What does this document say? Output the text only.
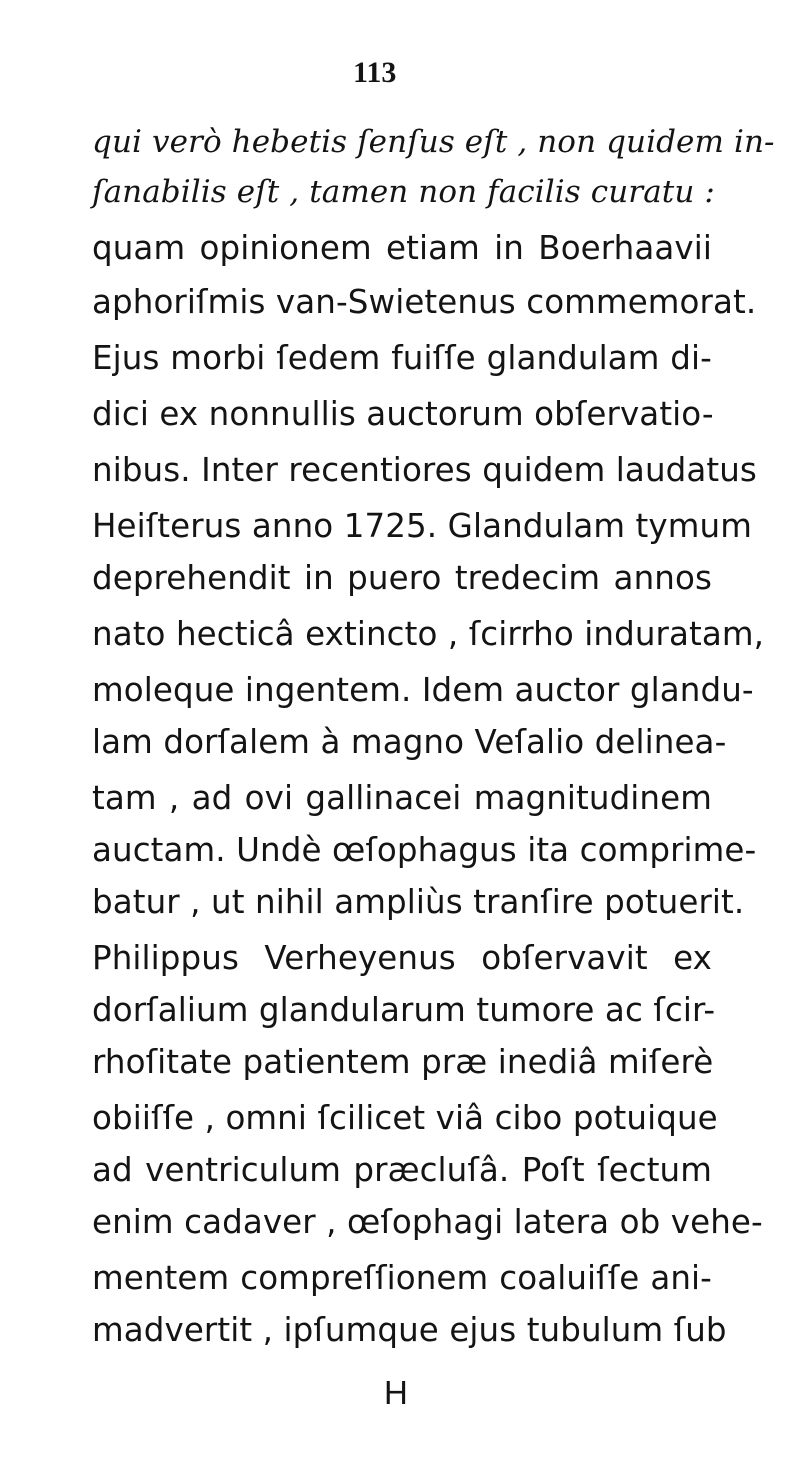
113
qui verò hebetis ſenſus eſt , non quidem in-
ſanabilis eſt , tamen non facilis curatu :
quam opinionem etiam in Boerhaavii
aphoriſmis van-Swietenus commemorat.
Ejus morbi ſedem fuiſſe glandulam di-
dici ex nonnullis auctorum obſervatio-
nibus. Inter recentiores quidem laudatus
Heiſterus anno 1725. Glandulam tymum
deprehendit in puero tredecim annos
nato hecticâ extincto , ſcirrho induratam,
moleque ingentem. Idem auctor glandu-
lam dorſalem à magno Veſalio delinea-
tam , ad ovi gallinacei magnitudinem
auctam. Undè œſophagus ita comprime-
batur , ut nihil ampliùs tranſire potuerit.
Philippus Verheyenus obſervavit ex
dorſalium glandularum tumore ac ſcir-
rhoſitate patientem præ inediâ miſerè
obiiſſe , omni ſcilicet viâ cibo potuique
ad ventriculum præcluſâ. Poſt ſectum
enim cadaver , œſophagi latera ob vehe-
mentem compreſſionem coaluiſſe ani-
madvertit , ipſumque ejus tubulum ſub
H
